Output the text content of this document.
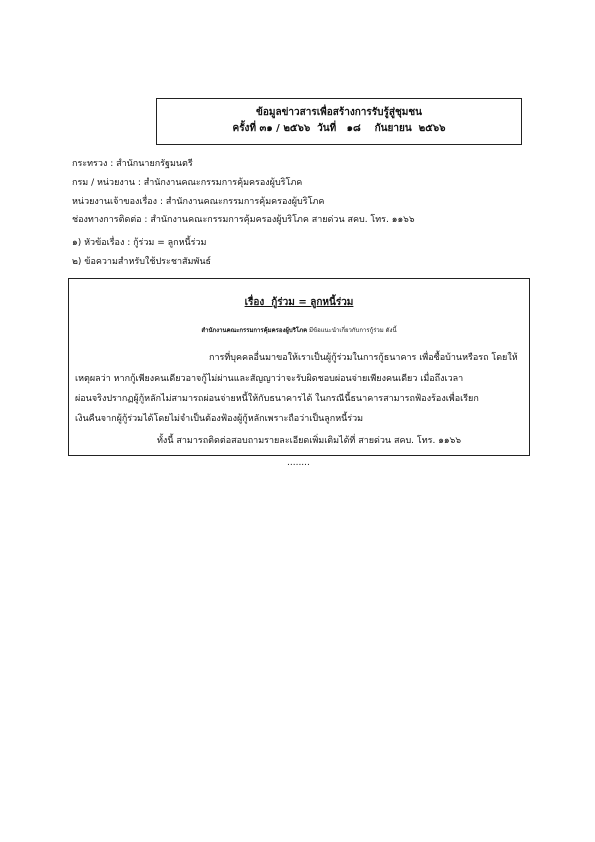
ข้อมูลข่าวสารเพื่อสร้างการรับรู้สู่ชุมชน
ครั้งที่ ๓๑ / ๒๕๖๖  วันที่   ๑๘    กันยายน  ๒๕๖๖
กระทรวง : สำนักนายกรัฐมนตรี
กรม / หน่วยงาน : สำนักงานคณะกรรมการคุ้มครองผู้บริโภค
หน่วยงานเจ้าของเรื่อง : สำนักงานคณะกรรมการคุ้มครองผู้บริโภค
ช่องทางการติดต่อ : สำนักงานคณะกรรมการคุ้มครองผู้บริโภค สายด่วน สคบ. โทร. ๑๑๖๖
๑) หัวข้อเรื่อง : กู้ร่วม = ลูกหนี้ร่วม
๒) ข้อความสำหรับใช้ประชาสัมพันธ์
เรื่อง  กู้ร่วม = ลูกหนี้ร่วม
สำนักงานคณะกรรมการคุ้มครองผู้บริโภค มีข้อแนะนำเกี่ยวกับการกู้ร่วม ดังนี้
การที่บุคคลอื่นมาขอให้เราเป็นผู้กู้ร่วมในการกู้ธนาคาร เพื่อซื้อบ้านหรือรถ โดยให้
เหตุผลว่า หากกู้เพียงคนเดียวอาจกู้ไม่ผ่านและสัญญาว่าจะรับผิดชอบผ่อนจ่ายเพียงคนเดียว เมื่อถึงเวลา
ผ่อนจริงปรากฏผู้กู้หลักไม่สามารถผ่อนจ่ายหนี้ให้กับธนาคารได้ ในกรณีนี้ธนาคารสามารถฟ้องร้องเพื่อเรียก
เงินคืนจากผู้กู้ร่วมได้โดยไม่จำเป็นต้องฟ้องผู้กู้หลักเพราะถือว่าเป็นลูกหนี้ร่วม
ทั้งนี้ สามารถติดต่อสอบถามรายละเอียดเพิ่มเติมได้ที่ สายด่วน สคบ. โทร. ๑๑๖๖
........
